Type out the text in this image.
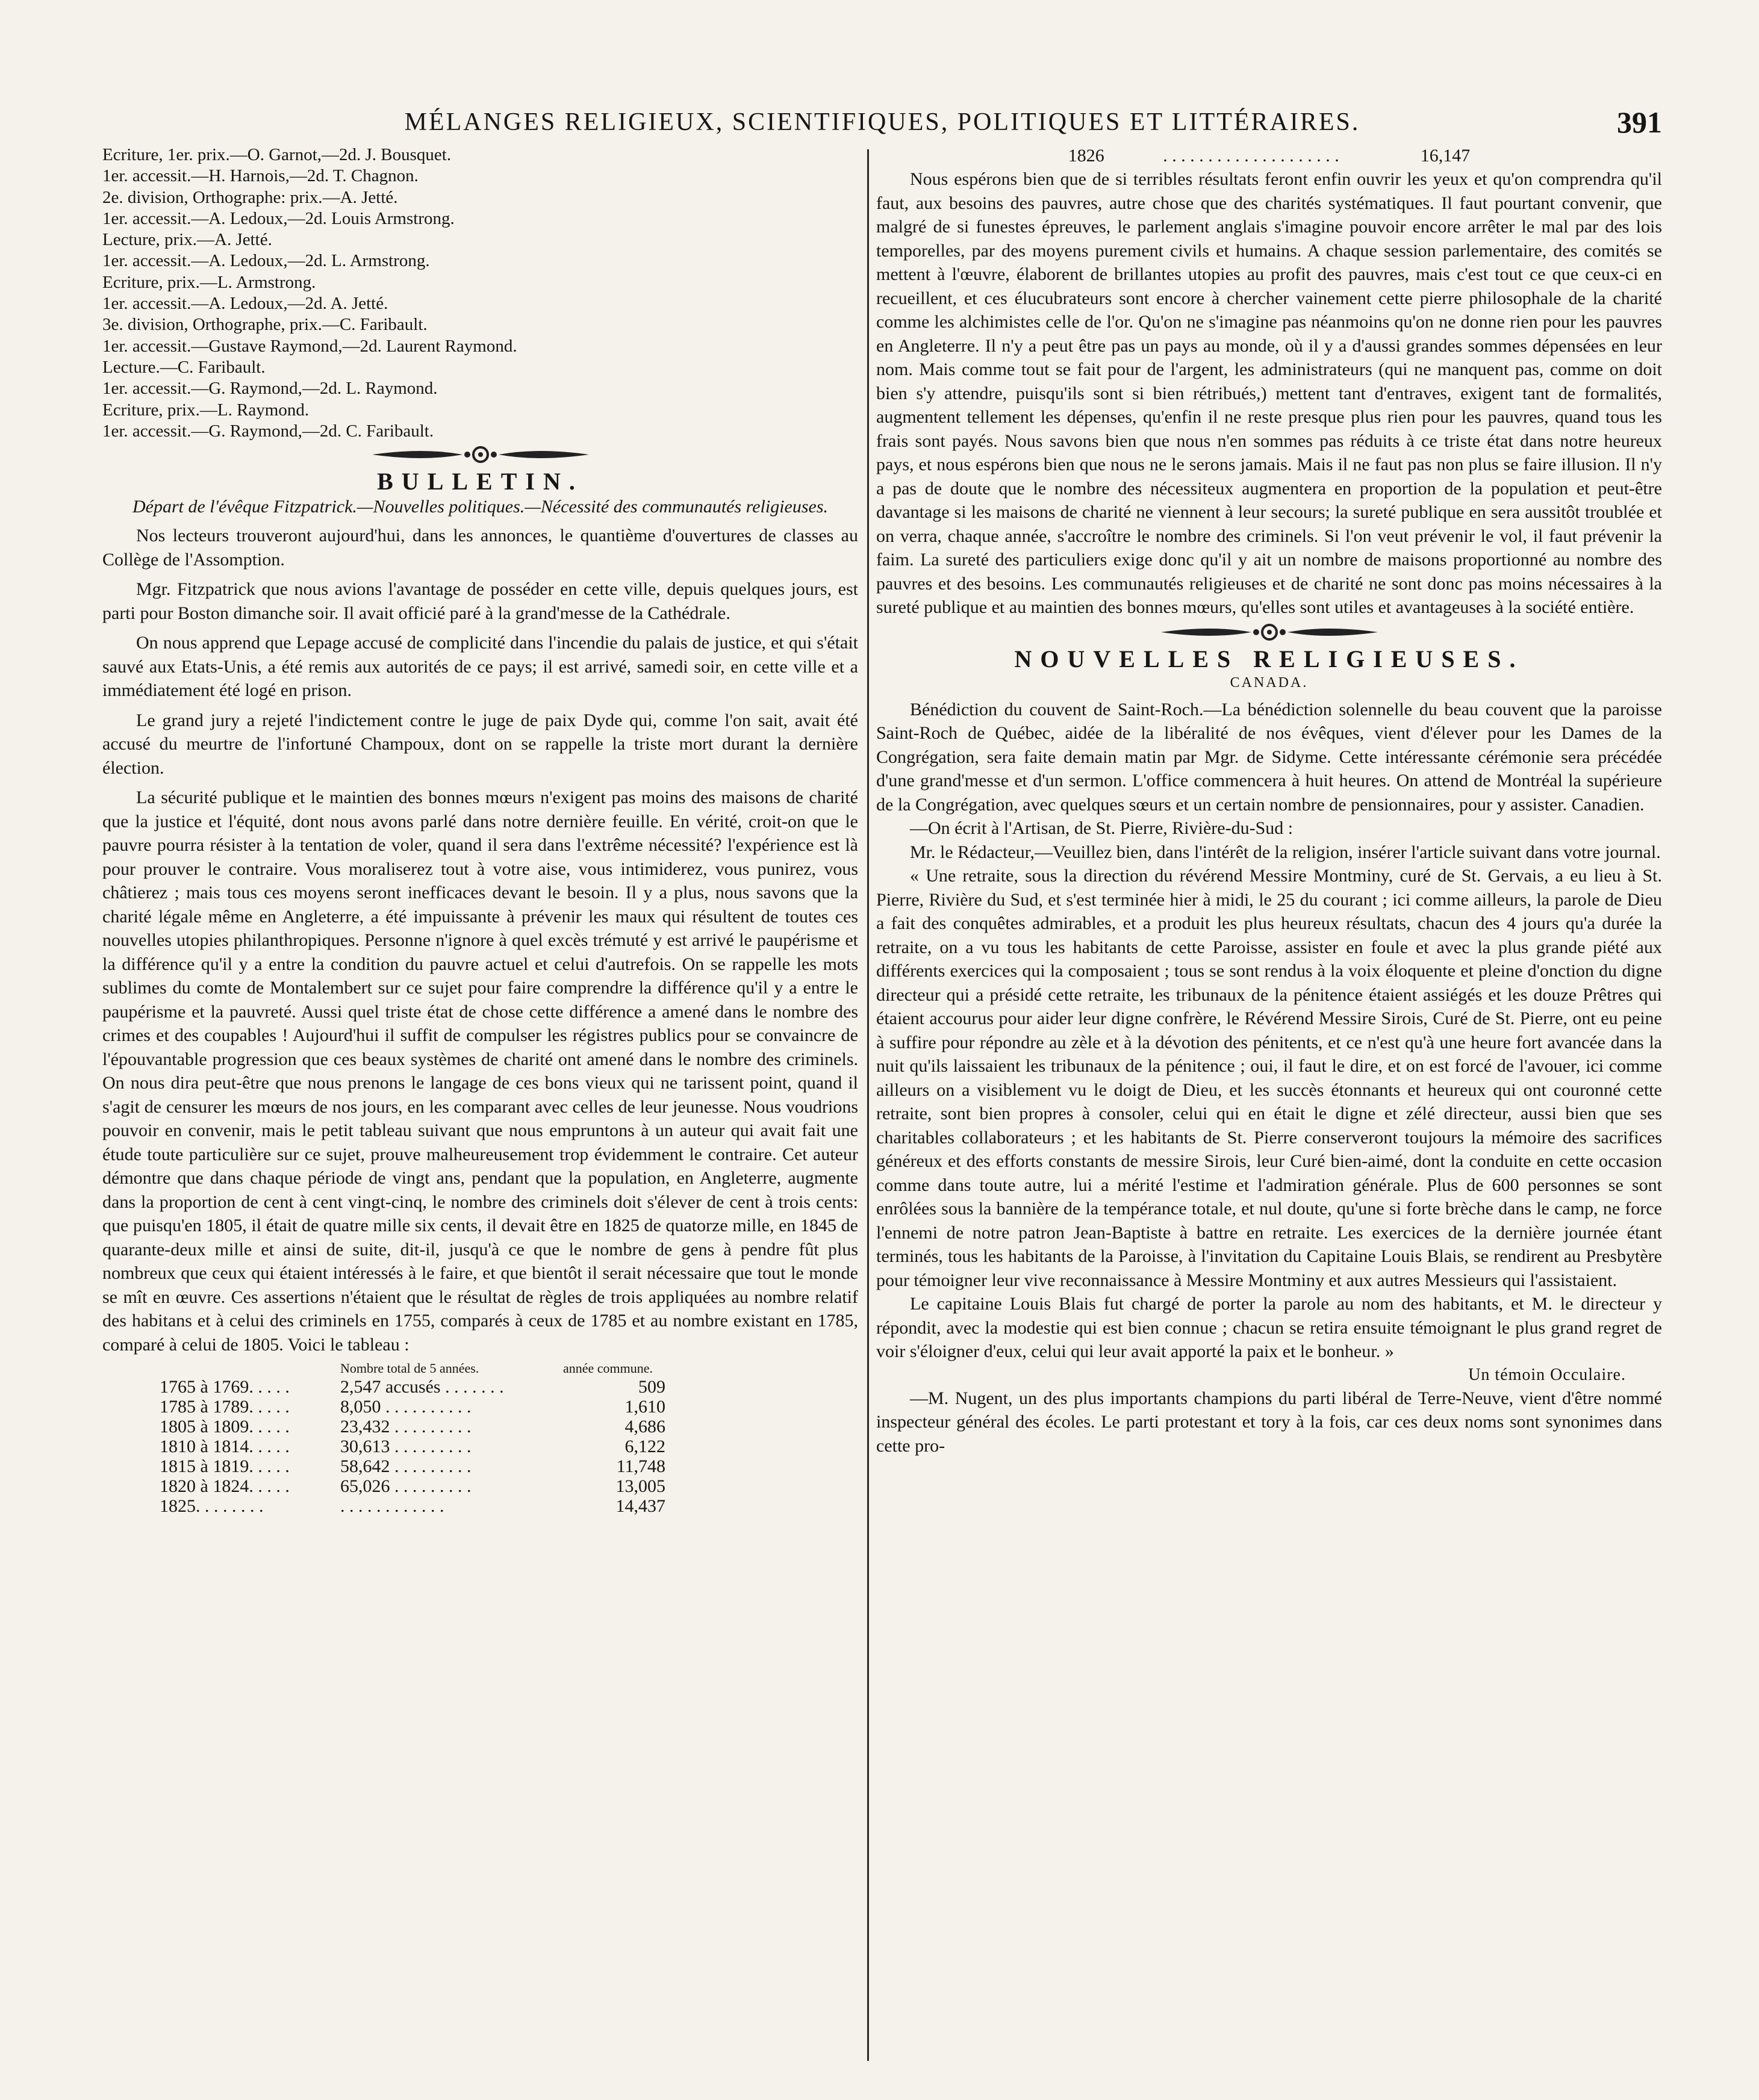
MÉLANGES RELIGIEUX, SCIENTIFIQUES, POLITIQUES ET LITTÉRAIRES.	391

Ecriture, 1er. prix.—O. Garnot,—2d. J. Bousquet.

1er. accessit.—H. Harnois,—2d. T. Chagnon.

2e. division, Orthographe: prix.—A. Jetté.

1er. accessit.—A. Ledoux,—2d. Louis Armstrong.

Lecture, prix.—A. Jetté.

1er. accessit.—A. Ledoux,—2d. L. Armstrong.

Ecriture, prix.—L. Armstrong.

1er. accessit.—A. Ledoux,—2d. A. Jetté.

3e. division, Orthographe, prix.—C. Faribault.

1er. accessit.—Gustave Raymond,—2d. Laurent Raymond.

Lecture.—C. Faribault.

1er. accessit.—G. Raymond,—2d. L. Raymond.

Ecriture, prix.—L. Raymond.

1er. accessit.—G. Raymond,—2d. C. Faribault.

BULLETIN.

Départ de l'évêque Fitzpatrick.—Nouvelles politiques.—Nécessité des communautés religieuses.

Nos lecteurs trouveront aujourd'hui, dans les annonces, le quantième d'ouvertures de classes au Collège de l'Assomption.

Mgr. Fitzpatrick que nous avions l'avantage de posséder en cette ville, depuis quelques jours, est parti pour Boston dimanche soir. Il avait officié paré à la grand'messe de la Cathédrale.

On nous apprend que Lepage accusé de complicité dans l'incendie du palais de justice, et qui s'était sauvé aux Etats-Unis, a été remis aux autorités de ce pays; il est arrivé, samedi soir, en cette ville et a immédiatement été logé en prison.

Le grand jury a rejeté l'indictement contre le juge de paix Dyde qui, comme l'on sait, avait été accusé du meurtre de l'infortuné Champoux, dont on se rappelle la triste mort durant la dernière élection.

La sécurité publique et le maintien des bonnes mœurs n'exigent pas moins des maisons de charité que la justice et l'équité, dont nous avons parlé dans notre dernière feuille. En vérité, croit-on que le pauvre pourra résister à la tentation de voler, quand il sera dans l'extrême nécessité? l'expérience est là pour prouver le contraire. Vous moraliserez tout à votre aise, vous intimiderez, vous punirez, vous châtierez ; mais tous ces moyens seront inefficaces devant le besoin. Il y a plus, nous savons que la charité légale même en Angleterre, a été impuissante à prévenir les maux qui résultent de toutes ces nouvelles utopies philanthropiques. Personne n'ignore à quel excès trémuté y est arrivé le paupérisme et la différence qu'il y a entre la condition du pauvre actuel et celui d'autrefois. On se rappelle les mots sublimes du comte de Montalembert sur ce sujet pour faire comprendre la différence qu'il y a entre le paupérisme et la pauvreté. Aussi quel triste état de chose cette différence a amené dans le nombre des crimes et des coupables ! Aujourd'hui il suffit de compulser les régistres publics pour se convaincre de l'épouvantable progression que ces beaux systèmes de charité ont amené dans le nombre des criminels. On nous dira peut-être que nous prenons le langage de ces bons vieux qui ne tarissent point, quand il s'agit de censurer les mœurs de nos jours, en les comparant avec celles de leur jeunesse. Nous voudrions pouvoir en convenir, mais le petit tableau suivant que nous empruntons à un auteur qui avait fait une étude toute particulière sur ce sujet, prouve malheureusement trop évidemment le contraire. Cet auteur démontre que dans chaque période de vingt ans, pendant que la population, en Angleterre, augmente dans la proportion de cent à cent vingt-cinq, le nombre des criminels doit s'élever de cent à trois cents: que puisqu'en 1805, il était de quatre mille six cents, il devait être en 1825 de quatorze mille, en 1845 de quarante-deux mille et ainsi de suite, dit-il, jusqu'à ce que le nombre de gens à pendre fût plus nombreux que ceux qui étaient intéressés à le faire, et que bientôt il serait nécessaire que tout le monde se mît en œuvre. Ces assertions n'étaient que le résultat de règles de trois appliquées au nombre relatif des habitans et à celui des criminels en 1755, comparés à ceux de 1785 et au nombre existant en 1785, comparé à celui de 1805. Voici le tableau :

	Nombre total de 5 années.	année commune.
1765 à 1769. . . . .	2,547 accusés . . . . . . .	509
1785 à 1789. . . . .	8,050 . . . . . . . . . .	1,610
1805 à 1809. . . . .	23,432 . . . . . . . . .	4,686
1810 à 1814. . . . .	30,613 . . . . . . . . .	6,122
1815 à 1819. . . . .	58,642 . . . . . . . . .	11,748
1820 à 1824. . . . .	65,026 . . . . . . . . .	13,005
1825. . . . . . . .	. . . . . . . . . . . .	14,437

1826	. . . . . . . . . . . . . . . . . . . .	16,147

Nous espérons bien que de si terribles résultats feront enfin ouvrir les yeux et qu'on comprendra qu'il faut, aux besoins des pauvres, autre chose que des charités systématiques. Il faut pourtant convenir, que malgré de si funestes épreuves, le parlement anglais s'imagine pouvoir encore arrêter le mal par des lois temporelles, par des moyens purement civils et humains. A chaque session parlementaire, des comités se mettent à l'œuvre, élaborent de brillantes utopies au profit des pauvres, mais c'est tout ce que ceux-ci en recueillent, et ces élucubrateurs sont encore à chercher vainement cette pierre philosophale de la charité comme les alchimistes celle de l'or. Qu'on ne s'imagine pas néanmoins qu'on ne donne rien pour les pauvres en Angleterre. Il n'y a peut être pas un pays au monde, où il y a d'aussi grandes sommes dépensées en leur nom. Mais comme tout se fait pour de l'argent, les administrateurs (qui ne manquent pas, comme on doit bien s'y attendre, puisqu'ils sont si bien rétribués,) mettent tant d'entraves, exigent tant de formalités, augmentent tellement les dépenses, qu'enfin il ne reste presque plus rien pour les pauvres, quand tous les frais sont payés. Nous savons bien que nous n'en sommes pas réduits à ce triste état dans notre heureux pays, et nous espérons bien que nous ne le serons jamais. Mais il ne faut pas non plus se faire illusion. Il n'y a pas de doute que le nombre des nécessiteux augmentera en proportion de la population et peut-être davantage si les maisons de charité ne viennent à leur secours; la sureté publique en sera aussitôt troublée et on verra, chaque année, s'accroître le nombre des criminels. Si l'on veut prévenir le vol, il faut prévenir la faim. La sureté des particuliers exige donc qu'il y ait un nombre de maisons proportionné au nombre des pauvres et des besoins. Les communautés religieuses et de charité ne sont donc pas moins nécessaires à la sureté publique et au maintien des bonnes mœurs, qu'elles sont utiles et avantageuses à la société entière.

NOUVELLES RELIGIEUSES.

CANADA.

Bénédiction du couvent de Saint-Roch.—La bénédiction solennelle du beau couvent que la paroisse Saint-Roch de Québec, aidée de la libéralité de nos évêques, vient d'élever pour les Dames de la Congrégation, sera faite demain matin par Mgr. de Sidyme. Cette intéressante cérémonie sera précédée d'une grand'messe et d'un sermon. L'office commencera à huit heures. On attend de Montréal la supérieure de la Congrégation, avec quelques sœurs et un certain nombre de pensionnaires, pour y assister. Canadien.

—On écrit à l'Artisan, de St. Pierre, Rivière-du-Sud :

Mr. le Rédacteur,—Veuillez bien, dans l'intérêt de la religion, insérer l'article suivant dans votre journal.

« Une retraite, sous la direction du révérend Messire Montminy, curé de St. Gervais, a eu lieu à St. Pierre, Rivière du Sud, et s'est terminée hier à midi, le 25 du courant ; ici comme ailleurs, la parole de Dieu a fait des conquêtes admirables, et a produit les plus heureux résultats, chacun des 4 jours qu'a durée la retraite, on a vu tous les habitants de cette Paroisse, assister en foule et avec la plus grande piété aux différents exercices qui la composaient ; tous se sont rendus à la voix éloquente et pleine d'onction du digne directeur qui a présidé cette retraite, les tribunaux de la pénitence étaient assiégés et les douze Prêtres qui étaient accourus pour aider leur digne confrère, le Révérend Messire Sirois, Curé de St. Pierre, ont eu peine à suffire pour répondre au zèle et à la dévotion des pénitents, et ce n'est qu'à une heure fort avancée dans la nuit qu'ils laissaient les tribunaux de la pénitence ; oui, il faut le dire, et on est forcé de l'avouer, ici comme ailleurs on a visiblement vu le doigt de Dieu, et les succès étonnants et heureux qui ont couronné cette retraite, sont bien propres à consoler, celui qui en était le digne et zélé directeur, aussi bien que ses charitables collaborateurs ; et les habitants de St. Pierre conserveront toujours la mémoire des sacrifices généreux et des efforts constants de messire Sirois, leur Curé bien-aimé, dont la conduite en cette occasion comme dans toute autre, lui a mérité l'estime et l'admiration générale. Plus de 600 personnes se sont enrôlées sous la bannière de la tempérance totale, et nul doute, qu'une si forte brèche dans le camp, ne force l'ennemi de notre patron Jean-Baptiste à battre en retraite. Les exercices de la dernière journée étant terminés, tous les habitants de la Paroisse, à l'invitation du Capitaine Louis Blais, se rendirent au Presbytère pour témoigner leur vive reconnaissance à Messire Montminy et aux autres Messieurs qui l'assistaient.

Le capitaine Louis Blais fut chargé de porter la parole au nom des habitants, et M. le directeur y répondit, avec la modestie qui est bien connue ; chacun se retira ensuite témoignant le plus grand regret de voir s'éloigner d'eux, celui qui leur avait apporté la paix et le bonheur. »

Un témoin Occulaire.

—M. Nugent, un des plus importants champions du parti libéral de Terre-Neuve, vient d'être nommé inspecteur général des écoles. Le parti protestant et tory à la fois, car ces deux noms sont synonimes dans cette pro-
